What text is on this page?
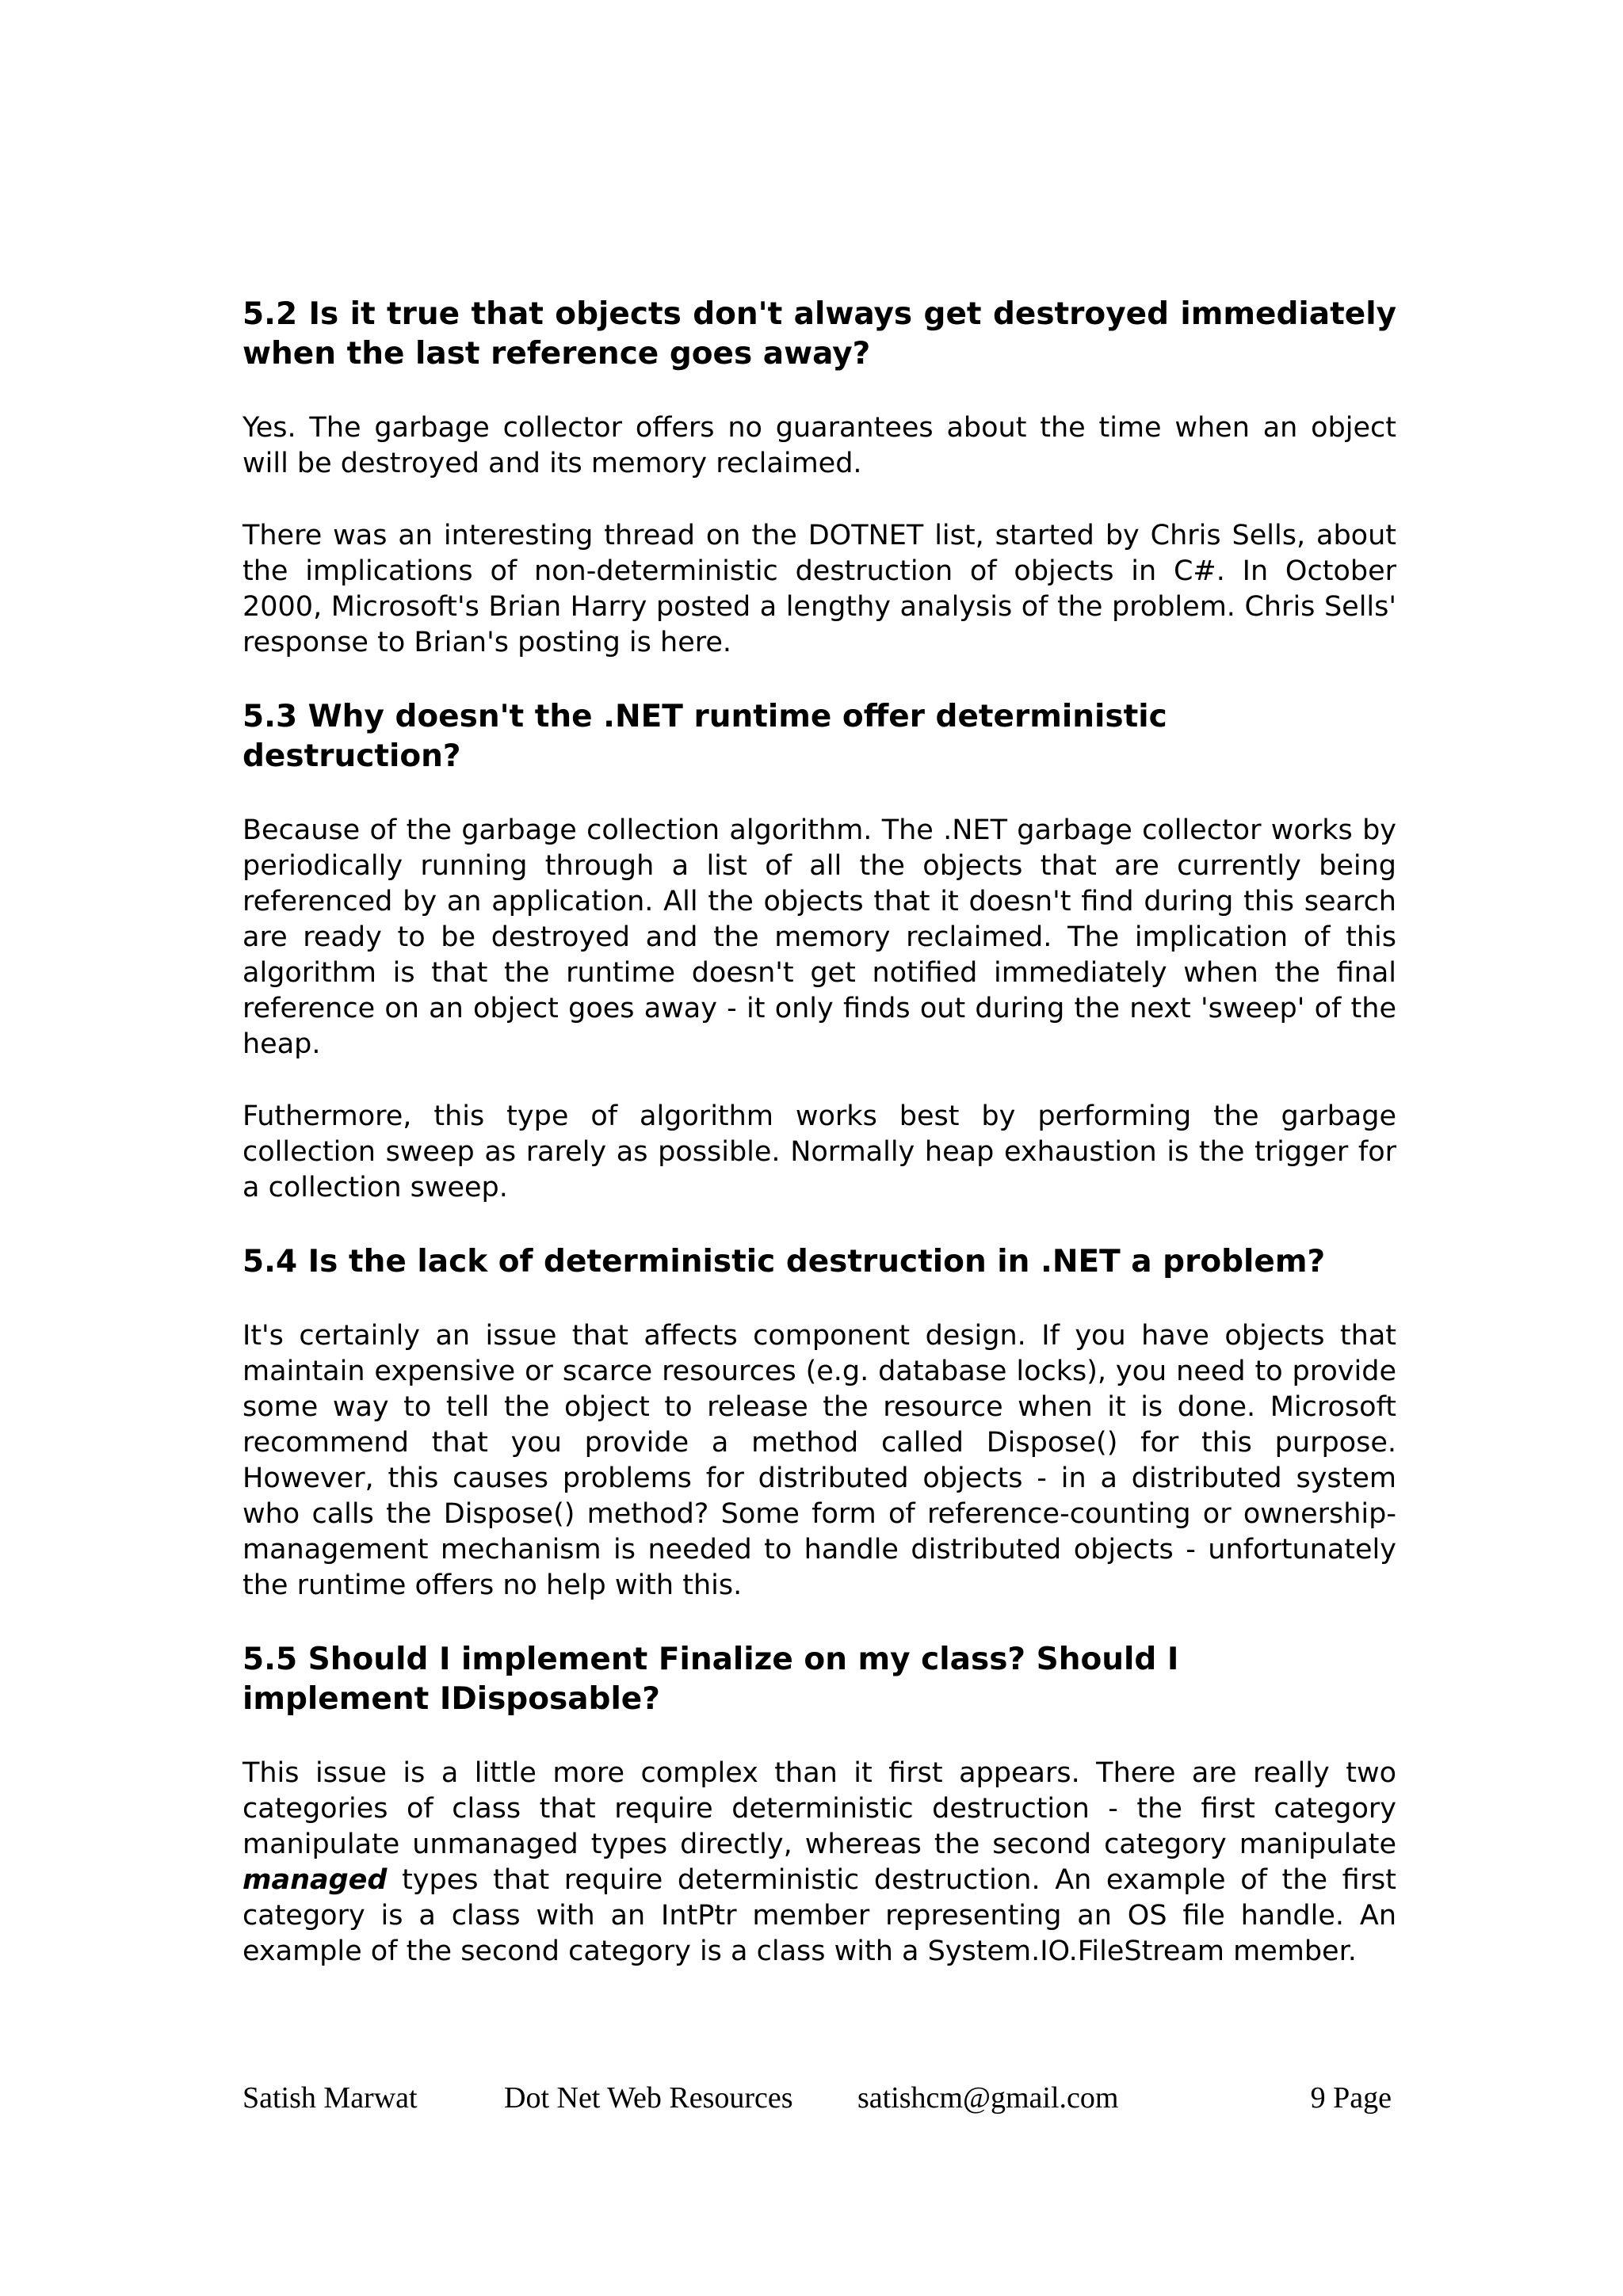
5.2 Is it true that objects don't always get destroyed immediately when the last reference goes away?

Yes. The garbage collector offers no guarantees about the time when an object will be destroyed and its memory reclaimed.

There was an interesting thread on the DOTNET list, started by Chris Sells, about the implications of non-deterministic destruction of objects in C#. In October 2000, Microsoft's Brian Harry posted a lengthy analysis of the problem. Chris Sells' response to Brian's posting is here.

5.3 Why doesn't the .NET runtime offer deterministic
destruction?

Because of the garbage collection algorithm. The .NET garbage collector works by periodically running through a list of all the objects that are currently being referenced by an application. All the objects that it doesn't find during this search are ready to be destroyed and the memory reclaimed. The implication of this algorithm is that the runtime doesn't get notified immediately when the final reference on an object goes away - it only finds out during the next 'sweep' of the heap.

Futhermore, this type of algorithm works best by performing the garbage collection sweep as rarely as possible. Normally heap exhaustion is the trigger for a collection sweep.

5.4 Is the lack of deterministic destruction in .NET a problem?

It's certainly an issue that affects component design. If you have objects that maintain expensive or scarce resources (e.g. database locks), you need to provide some way to tell the object to release the resource when it is done. Microsoft recommend that you provide a method called Dispose() for this purpose. However, this causes problems for distributed objects - in a distributed system who calls the Dispose() method? Some form of reference-counting or ownership-management mechanism is needed to handle distributed objects - unfortunately the runtime offers no help with this.

5.5 Should I implement Finalize on my class? Should I
implement IDisposable?

This issue is a little more complex than it first appears. There are really two categories of class that require deterministic destruction - the first category manipulate unmanaged types directly, whereas the second category manipulate managed types that require deterministic destruction. An example of the first category is a class with an IntPtr member representing an OS file handle. An example of the second category is a class with a System.IO.FileStream member.

Satish Marwat	Dot Net Web Resources satishcm@gmail.com	9 Page
